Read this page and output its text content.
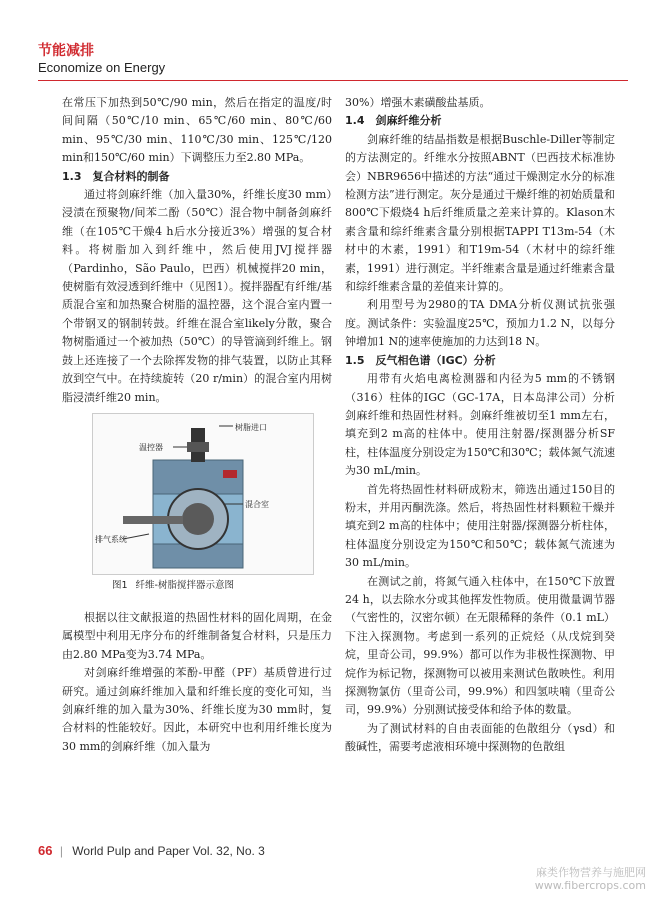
节能减排
Economize on Energy

在常压下加热到50℃/90 min，然后在指定的温度/时间间隔（50℃/10 min、65℃/60 min、80℃/60 min、95℃/30 min、110℃/30 min、125℃/120 min和150℃/60 min）下调整压力至2.80 MPa。

1.3　复合材料的制备

通过将剑麻纤维（加入量30%，纤维长度30 mm）浸渍在预聚物/间苯二酚（50℃）混合物中制备剑麻纤维（在105℃干燥4 h后水分接近3%）增强的复合材料。将树脂加入到纤维中，然后使用JVJ搅拌器（Pardinho，São Paulo，巴西）机械搅拌20 min，使树脂有效浸透到纤维中（见图1）。搅拌器配有纤维/基质混合室和加热聚合树脂的温控器，这个混合室内置一个带钢叉的钢制转鼓。纤维在混合室likely分散，聚合物树脂通过一个被加热（50℃）的导管滴到纤维上。钢鼓上还连接了一个去除挥发物的排气装置，以防止其释放到空气中。在持续旋转（20 r/min）的混合室内用树脂浸渍纤维20 min。

树脂进口
温控器
混合室
排气系统
图1 纤维-树脂搅拌器示意图

根据以往文献报道的热固性材料的固化周期，在金属模型中利用无序分布的纤维制备复合材料，只是压力由2.80 MPa变为3.74 MPa。

对剑麻纤维增强的苯酚-甲醛（PF）基质曾进行过研究。通过剑麻纤维加入量和纤维长度的变化可知，当剑麻纤维的加入量为30%、纤维长度为30 mm时，复合材料的性能较好。因此，本研究中也利用纤维长度为30 mm的剑麻纤维（加入量为

30%）增强木素磺酸盐基质。

1.4　剑麻纤维分析

剑麻纤维的结晶指数是根据Buschle-Diller等制定的方法测定的。纤维水分按照ABNT（巴西技术标准协会）NBR9656中描述的方法“通过干燥测定水分的标准检测方法”进行测定。灰分是通过干燥纤维的初始质量和800℃下煅烧4 h后纤维质量之差来计算的。Klason木素含量和综纤维素含量分别根据TAPPI T13m-54（木材中的木素，1991）和T19m-54（木材中的综纤维素，1991）进行测定。半纤维素含量是通过纤维素含量和综纤维素含量的差值来计算的。

利用型号为2980的TA DMA分析仪测试抗张强度。测试条件：实验温度25℃，预加力1.2 N，以每分钟增加1 N的速率使施加的力达到18 N。

1.5　反气相色谱（IGC）分析

用带有火焰电离检测器和内径为5 mm的不锈钢（316）柱体的IGC（GC-17A，日本岛津公司）分析剑麻纤维和热固性材料。剑麻纤维被切至1 mm左右，填充到2 m高的柱体中。使用注射器/探测器分析SF柱，柱体温度分别设定为150℃和30℃；载体氮气流速为30 mL/min。

首先将热固性材料研成粉末，筛选出通过150目的粉末，并用丙酮洗涤。然后，将热固性材料颗粒干燥并填充到2 m高的柱体中；使用注射器/探测器分析柱体，柱体温度分别设定为150℃和50℃；载体氮气流速为30 mL/min。

在测试之前，将氮气通入柱体中，在150℃下放置24 h，以去除水分或其他挥发性物质。使用微量调节器（气密性的，汉密尔顿）在无限稀释的条件（0.1 mL）下注入探测物。考虑到一系列的正烷烃（从戊烷到癸烷，里奇公司，99.9%）都可以作为非极性探测物、甲烷作为标记物，探测物可以被用来测试色散映性。利用探测物氯仿（里奇公司，99.9%）和四氢呋喃（里奇公司，99.9%）分别测试接受体和给予体的数量。

为了测试材料的自由表面能的色散组分（γsd）和酸碱性，需要考虑液相环境中探测物的色散组

66 | World Pulp and Paper Vol. 32, No. 3
麻类作物营养与施肥网
www.fibercrops.com
